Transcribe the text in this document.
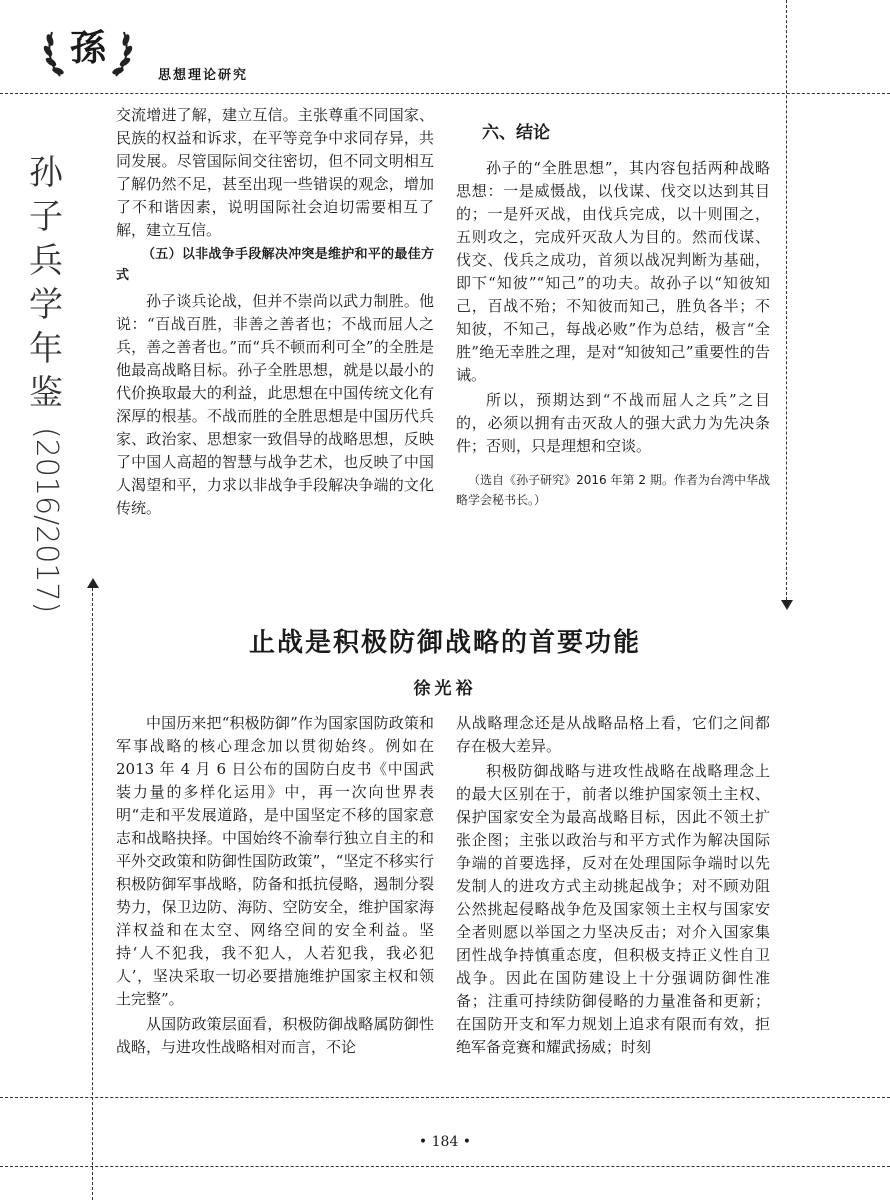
孫
思想理论研究
孙
子
兵
学
年
鉴
(2016/2017)

交流增进了解，建立互信。主张尊重不同国家、民族的权益和诉求，在平等竞争中求同存异，共同发展。尽管国际间交往密切，但不同文明相互了解仍然不足，甚至出现一些错误的观念，增加了不和谐因素，说明国际社会迫切需要相互了解，建立互信。

（五）以非战争手段解决冲突是维护和平的最佳方式

孙子谈兵论战，但并不崇尚以武力制胜。他说：“百战百胜，非善之善者也；不战而屈人之兵，善之善者也。”而“兵不顿而利可全”的全胜是他最高战略目标。孙子全胜思想，就是以最小的代价换取最大的利益，此思想在中国传统文化有深厚的根基。不战而胜的全胜思想是中国历代兵家、政治家、思想家一致倡导的战略思想，反映了中国人高超的智慧与战争艺术，也反映了中国人渴望和平，力求以非战争手段解决争端的文化传统。

六、结论

孙子的“全胜思想”，其内容包括两种战略思想：一是威慑战，以伐谋、伐交以达到其目的；一是歼灭战，由伐兵完成，以十则围之，五则攻之，完成歼灭敌人为目的。然而伐谋、伐交、伐兵之成功，首须以战况判断为基础，即下“知彼”“知己”的功夫。故孙子以“知彼知己，百战不殆；不知彼而知己，胜负各半；不知彼，不知己，每战必败”作为总结，极言“全胜”绝无幸胜之理，是对“知彼知己”重要性的告诫。

所以，预期达到“不战而屈人之兵”之目的，必须以拥有击灭敌人的强大武力为先决条件；否则，只是理想和空谈。

（选自《孙子研究》2016 年第 2 期。作者为台湾中华战略学会秘书长。）
止战是积极防御战略的首要功能
徐光裕

中国历来把“积极防御”作为国家国防政策和军事战略的核心理念加以贯彻始终。例如在 2013 年 4 月 6 日公布的国防白皮书《中国武装力量的多样化运用》中，再一次向世界表明“走和平发展道路，是中国坚定不移的国家意志和战略抉择。中国始终不渝奉行独立自主的和平外交政策和防御性国防政策”，“坚定不移实行积极防御军事战略，防备和抵抗侵略，遏制分裂势力，保卫边防、海防、空防安全，维护国家海洋权益和在太空、网络空间的安全利益。坚持‘人不犯我，我不犯人，人若犯我，我必犯人’，坚决采取一切必要措施维护国家主权和领土完整”。

从国防政策层面看，积极防御战略属防御性战略，与进攻性战略相对而言，不论

从战略理念还是从战略品格上看，它们之间都存在极大差异。

积极防御战略与进攻性战略在战略理念上的最大区别在于，前者以维护国家领土主权、保护国家安全为最高战略目标，因此不领土扩张企图；主张以政治与和平方式作为解决国际争端的首要选择，反对在处理国际争端时以先发制人的进攻方式主动挑起战争；对不顾劝阻公然挑起侵略战争危及国家领土主权与国家安全者则愿以举国之力坚决反击；对介入国家集团性战争持慎重态度，但积极支持正义性自卫战争。因此在国防建设上十分强调防御性准备；注重可持续防御侵略的力量准备和更新；在国防开支和军力规划上追求有限而有效，拒绝军备竞赛和耀武扬威；时刻

• 184 •
